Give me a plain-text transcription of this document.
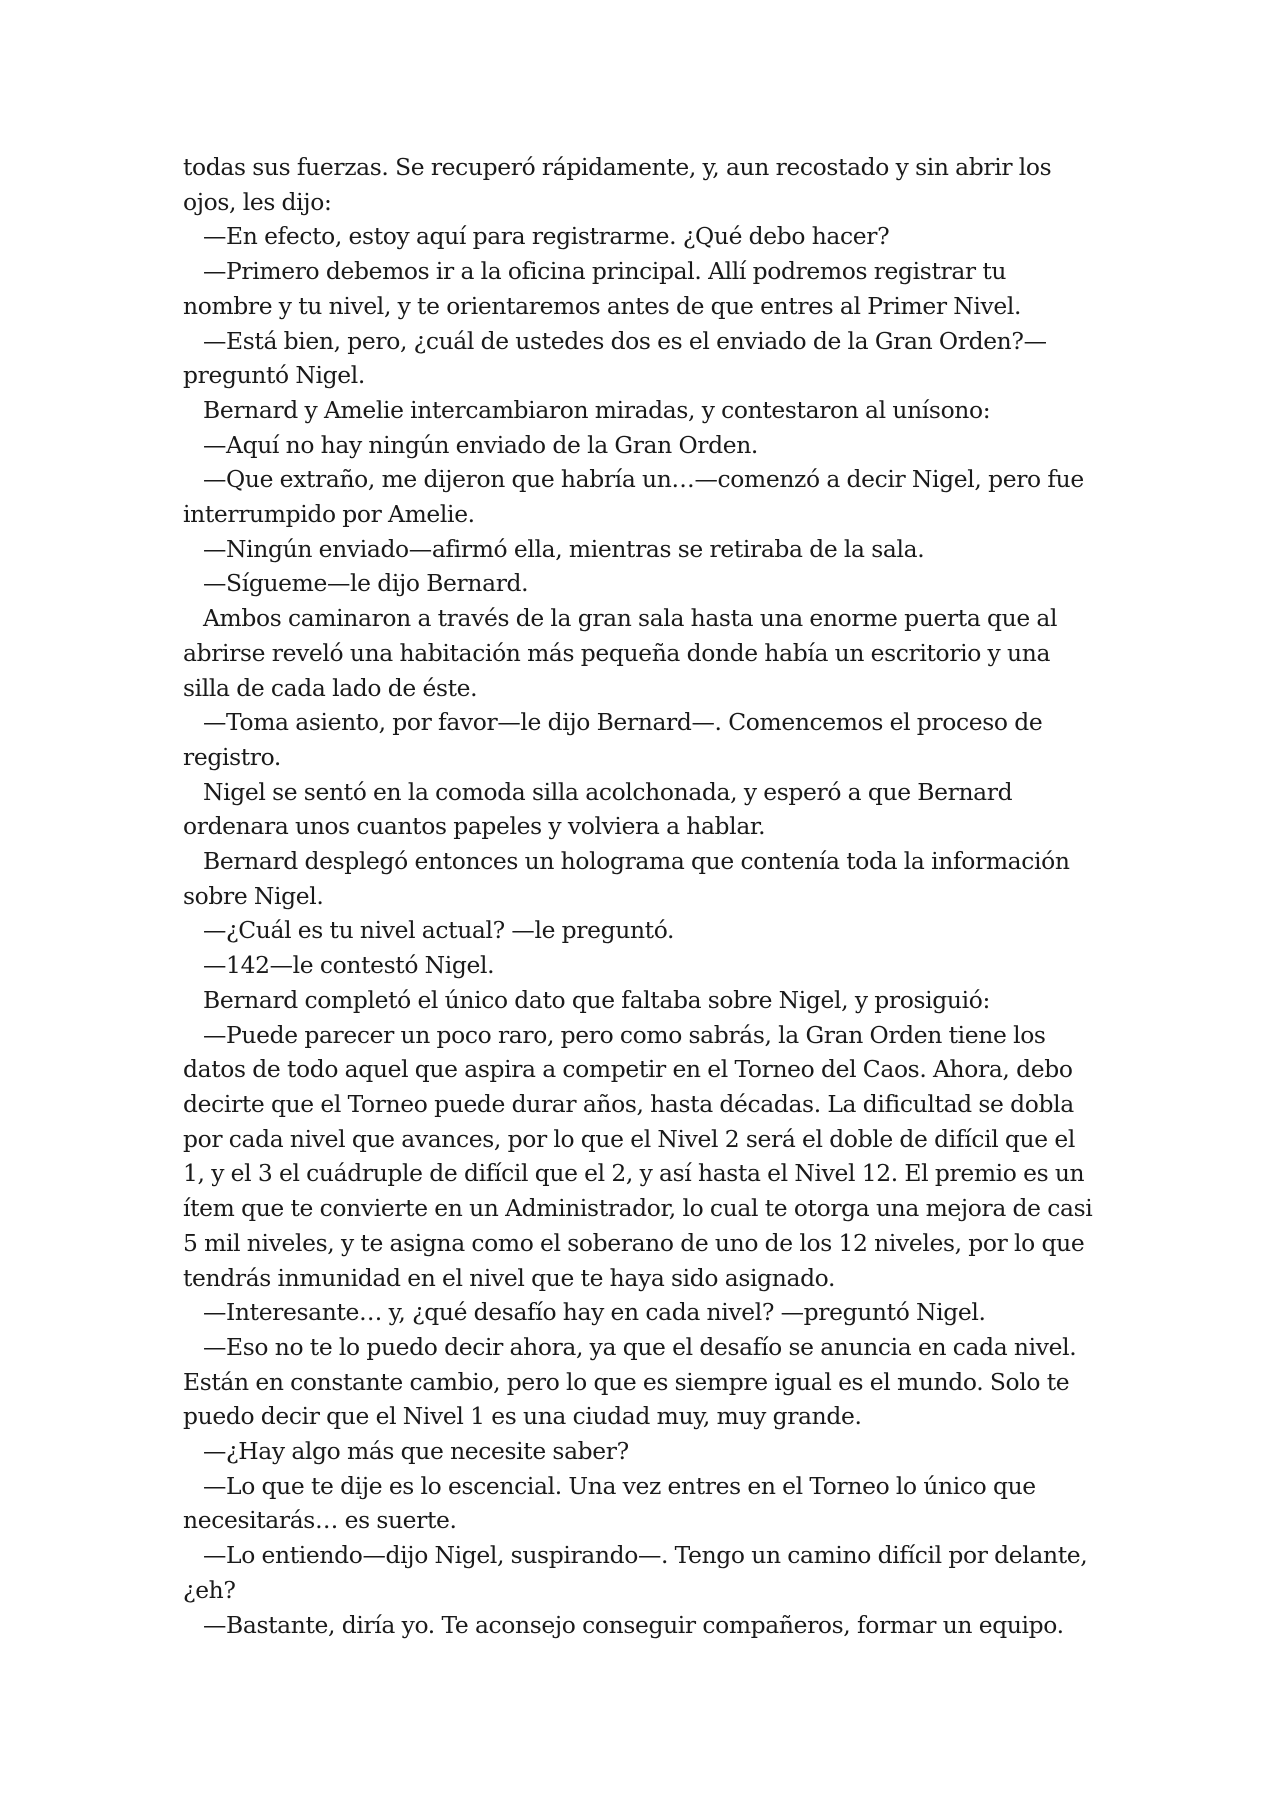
todas sus fuerzas. Se recuperó rápidamente, y, aun recostado y sin abrir los ojos, les dijo:

—En efecto, estoy aquí para registrarme. ¿Qué debo hacer?

—Primero debemos ir a la oficina principal. Allí podremos registrar tu nombre y tu nivel, y te orientaremos antes de que entres al Primer Nivel.

—Está bien, pero, ¿cuál de ustedes dos es el enviado de la Gran Orden?—preguntó Nigel.

Bernard y Amelie intercambiaron miradas, y contestaron al unísono:

—Aquí no hay ningún enviado de la Gran Orden.

—Que extraño, me dijeron que habría un…—comenzó a decir Nigel, pero fue interrumpido por Amelie.

—Ningún enviado—afirmó ella, mientras se retiraba de la sala.

—Sígueme—le dijo Bernard.

Ambos caminaron a través de la gran sala hasta una enorme puerta que al abrirse reveló una habitación más pequeña donde había un escritorio y una silla de cada lado de éste.

—Toma asiento, por favor—le dijo Bernard—. Comencemos el proceso de registro.

Nigel se sentó en la comoda silla acolchonada, y esperó a que Bernard ordenara unos cuantos papeles y volviera a hablar.

Bernard desplegó entonces un holograma que contenía toda la información sobre Nigel.

—¿Cuál es tu nivel actual? —le preguntó.

—142—le contestó Nigel.

Bernard completó el único dato que faltaba sobre Nigel, y prosiguió:

—Puede parecer un poco raro, pero como sabrás, la Gran Orden tiene los datos de todo aquel que aspira a competir en el Torneo del Caos. Ahora, debo decirte que el Torneo puede durar años, hasta décadas. La dificultad se dobla por cada nivel que avances, por lo que el Nivel 2 será el doble de difícil que el 1, y el 3 el cuádruple de difícil que el 2, y así hasta el Nivel 12. El premio es un ítem que te convierte en un Administrador, lo cual te otorga una mejora de casi 5 mil niveles, y te asigna como el soberano de uno de los 12 niveles, por lo que tendrás inmunidad en el nivel que te haya sido asignado.

—Interesante… y, ¿qué desafío hay en cada nivel? —preguntó Nigel.

—Eso no te lo puedo decir ahora, ya que el desafío se anuncia en cada nivel. Están en constante cambio, pero lo que es siempre igual es el mundo. Solo te puedo decir que el Nivel 1 es una ciudad muy, muy grande.

—¿Hay algo más que necesite saber?

—Lo que te dije es lo escencial. Una vez entres en el Torneo lo único que necesitarás… es suerte.

—Lo entiendo—dijo Nigel, suspirando—. Tengo un camino difícil por delante, ¿eh?

—Bastante, diría yo. Te aconsejo conseguir compañeros, formar un equipo.
